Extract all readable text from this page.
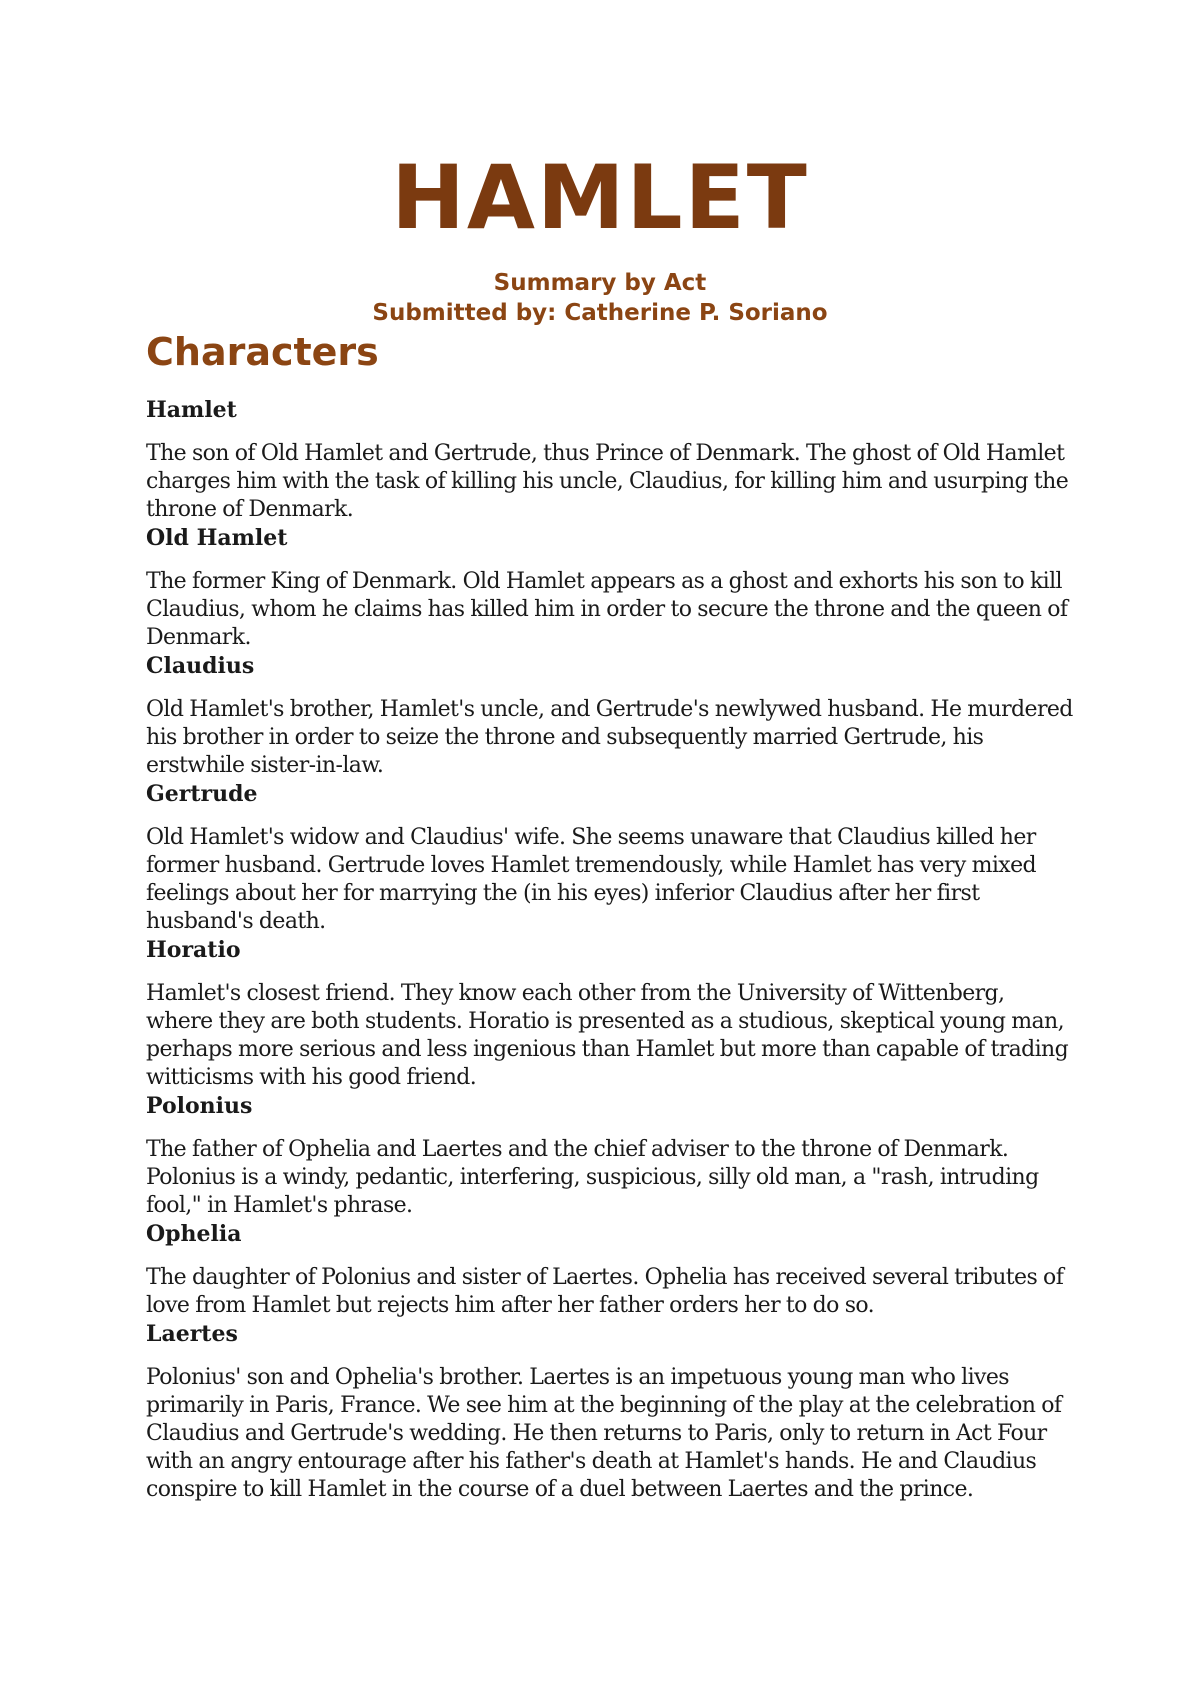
HAMLET
Summary by Act
Submitted by: Catherine P. Soriano
Characters

Hamlet

The son of Old Hamlet and Gertrude, thus Prince of Denmark. The ghost of Old Hamlet charges him with the task of killing his uncle, Claudius, for killing him and usurping the throne of Denmark.

Old Hamlet

The former King of Denmark. Old Hamlet appears as a ghost and exhorts his son to kill Claudius, whom he claims has killed him in order to secure the throne and the queen of Denmark.

Claudius

Old Hamlet's brother, Hamlet's uncle, and Gertrude's newlywed husband. He murdered his brother in order to seize the throne and subsequently married Gertrude, his erstwhile sister-in-law.

Gertrude

Old Hamlet's widow and Claudius' wife. She seems unaware that Claudius killed her former husband. Gertrude loves Hamlet tremendously, while Hamlet has very mixed feelings about her for marrying the (in his eyes) inferior Claudius after her first husband's death.

Horatio

Hamlet's closest friend. They know each other from the University of Wittenberg, where they are both students. Horatio is presented as a studious, skeptical young man, perhaps more serious and less ingenious than Hamlet but more than capable of trading witticisms with his good friend.

Polonius

The father of Ophelia and Laertes and the chief adviser to the throne of Denmark. Polonius is a windy, pedantic, interfering, suspicious, silly old man, a "rash, intruding fool," in Hamlet's phrase.

Ophelia

The daughter of Polonius and sister of Laertes. Ophelia has received several tributes of love from Hamlet but rejects him after her father orders her to do so.

Laertes

Polonius' son and Ophelia's brother. Laertes is an impetuous young man who lives primarily in Paris, France. We see him at the beginning of the play at the celebration of Claudius and Gertrude's wedding. He then returns to Paris, only to return in Act Four with an angry entourage after his father's death at Hamlet's hands. He and Claudius conspire to kill Hamlet in the course of a duel between Laertes and the prince.
